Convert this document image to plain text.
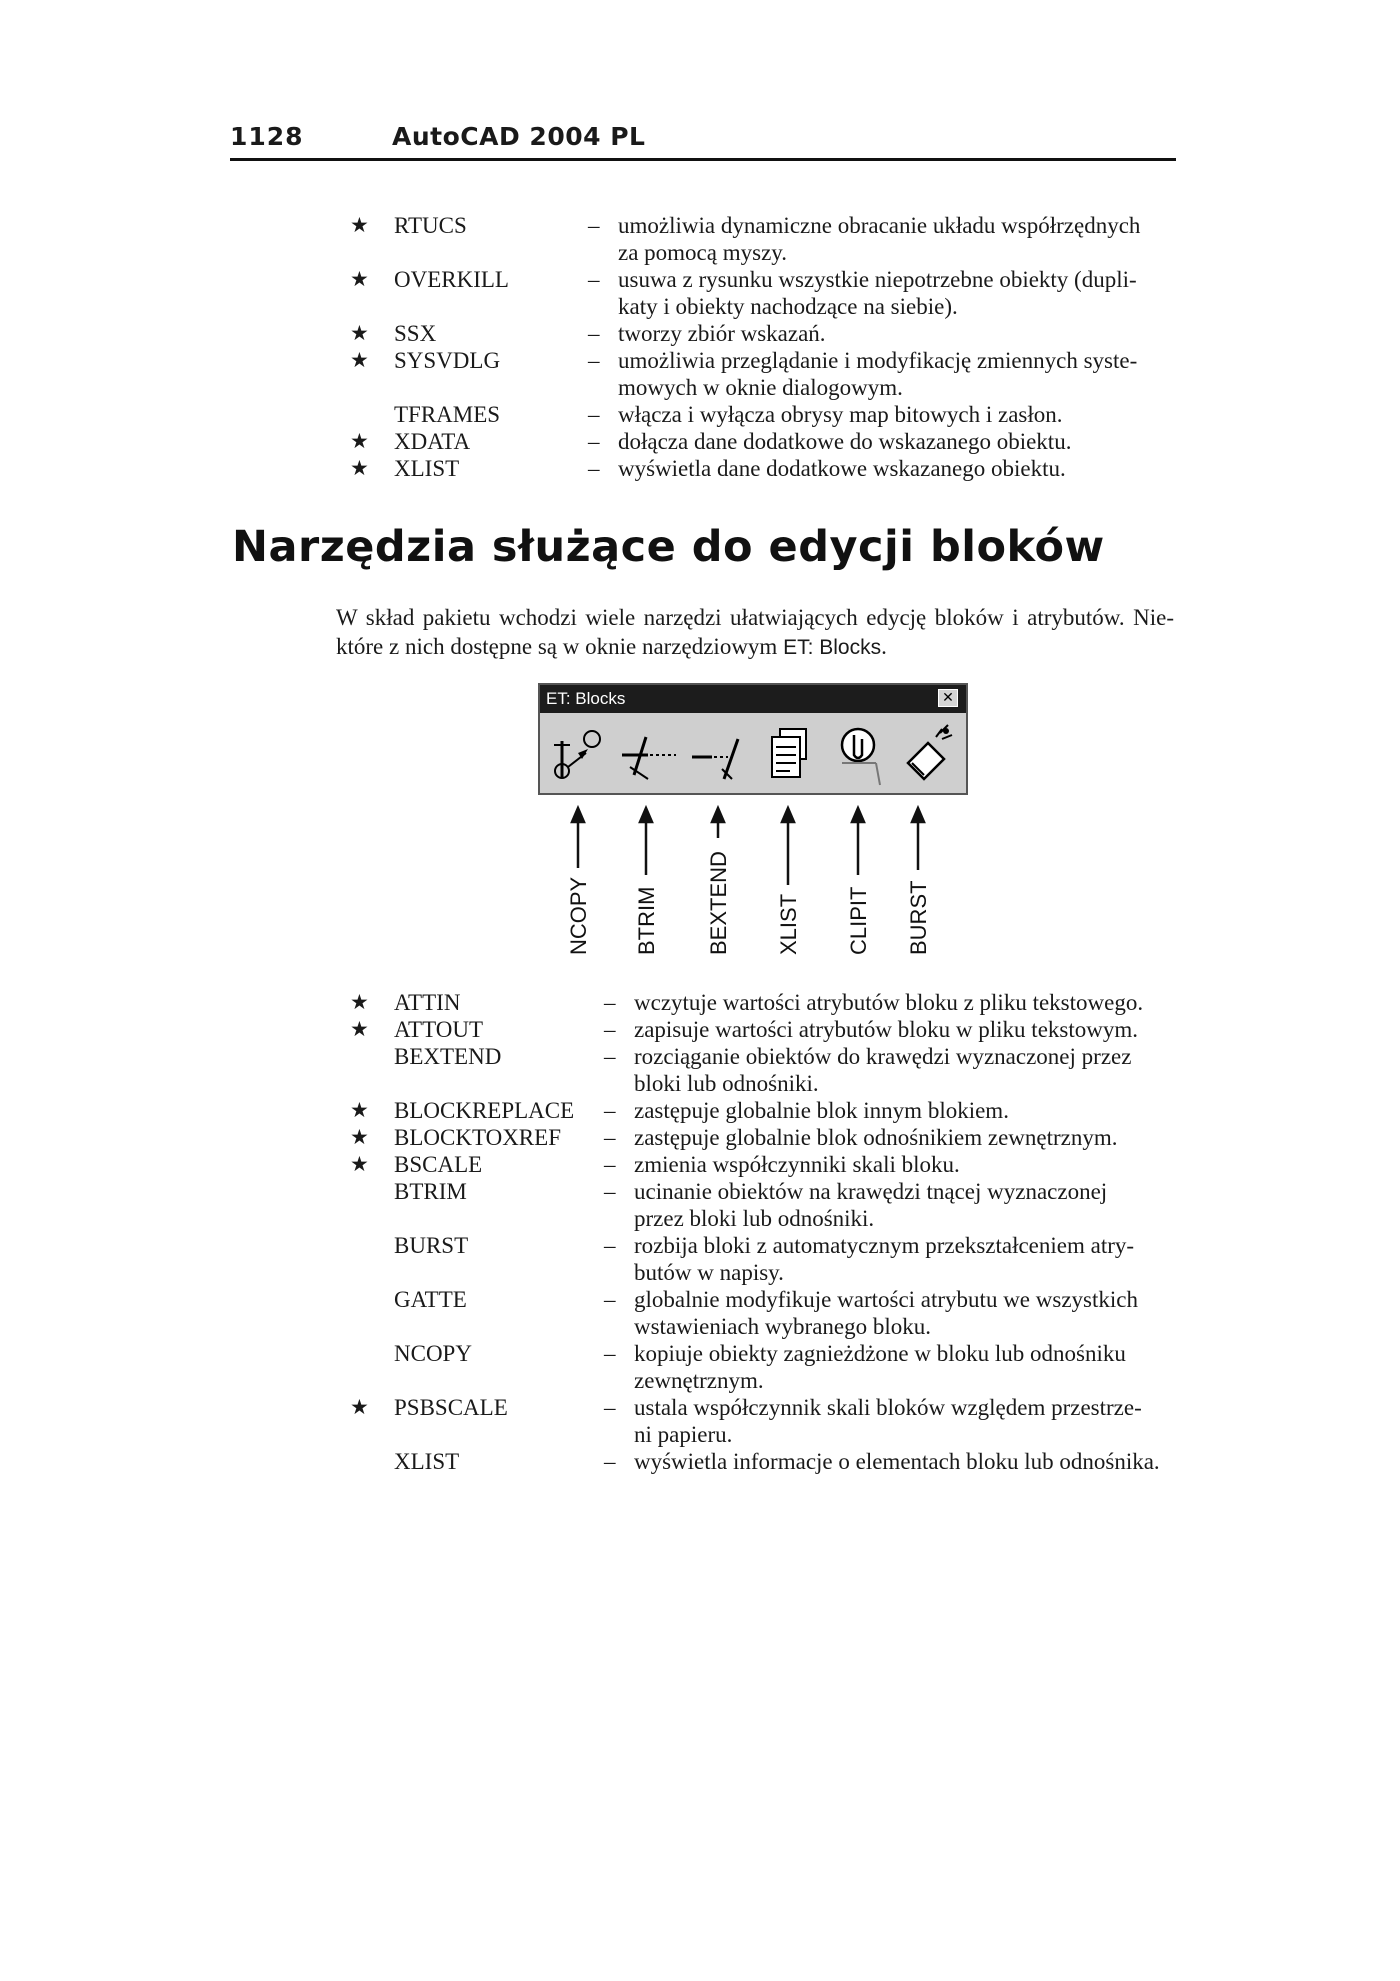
1128	AutoCAD 2004 PL
★ RTUCS	– umożliwia dynamiczne obracanie układu współrzędnych
za pomocą myszy.
★ OVERKILL	– usuwa z rysunku wszystkie niepotrzebne obiekty (dupli-
katy i obiekty nachodzące na siebie).
★ SSX	– tworzy zbiór wskazań.
★ SYSVDLG	– umożliwia przeglądanie i modyfikację zmiennych syste-
mowych w oknie dialogowym.
TFRAMES	– włącza i wyłącza obrysy map bitowych i zasłon.
★ XDATA	– dołącza dane dodatkowe do wskazanego obiektu.
★ XLIST	– wyświetla dane dodatkowe wskazanego obiektu.
Narzędzia służące do edycji bloków
W skład pakietu wchodzi wiele narzędzi ułatwiających edycję bloków i atrybutów. Niektóre z nich dostępne są w oknie narzędziowym ET: Blocks.
ET: Blocks	✕
NCOPY BTRIM BEXTEND XLIST CLIPIT BURST
★ ATTIN	– wczytuje wartości atrybutów bloku z pliku tekstowego.
★ ATTOUT	– zapisuje wartości atrybutów bloku w pliku tekstowym.
BEXTEND	– rozciąganie obiektów do krawędzi wyznaczonej przez
bloki lub odnośniki.
★ BLOCKREPLACE – zastępuje globalnie blok innym blokiem.
★ BLOCKTOXREF – zastępuje globalnie blok odnośnikiem zewnętrznym.
★ BSCALE	– zmienia współczynniki skali bloku.
BTRIM	– ucinanie obiektów na krawędzi tnącej wyznaczonej
przez bloki lub odnośniki.
BURST	– rozbija bloki z automatycznym przekształceniem atry-
butów w napisy.
GATTE	– globalnie modyfikuje wartości atrybutu we wszystkich
wstawieniach wybranego bloku.
NCOPY	– kopiuje obiekty zagnieżdżone w bloku lub odnośniku
zewnętrznym.
★ PSBSCALE	– ustala współczynnik skali bloków względem przestrze-
ni papieru.
XLIST	– wyświetla informacje o elementach bloku lub odnośnika.
